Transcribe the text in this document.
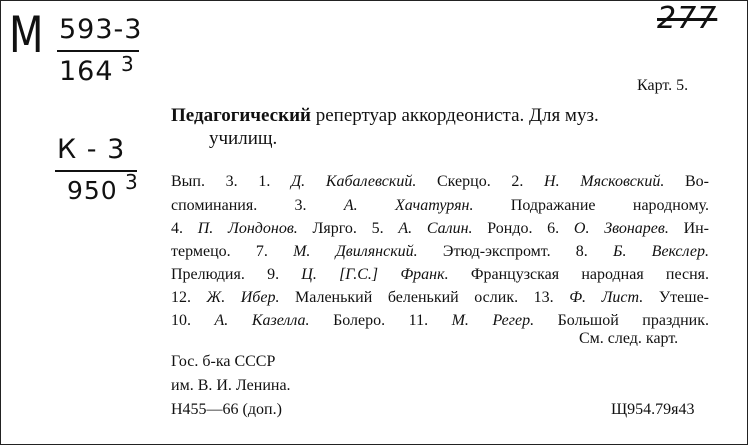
М 593-3
164 3
К - 3
950 3
277
Карт. 5.
Педагогический репертуар аккордеониста. Для муз.
училищ.
Вып. 3. 1. Д. Кабалевский. Скерцо. 2. Н. Мясковский. Во-
споминания. 3. А. Хачатурян. Подражание народному.
4. П. Лондонов. Лярго. 5. А. Салин. Рондо. 6. О. Звонарев. Ин-
термецо. 7. М. Двилянский. Этюд-экспромт. 8. Б. Векслер.
Прелюдия. 9. Ц. [Г.С.] Франк. Французская народная песня.
12. Ж. Ибер. Маленький беленький ослик. 13. Ф. Лист. Утеше-
10. А. Казелла. Болеро. 11. М. Регер. Большой праздник.
См. след. карт.
Гос. б-ка СССР
им. В. И. Ленина.
Н455—66 (доп.)	Щ954.79я43
